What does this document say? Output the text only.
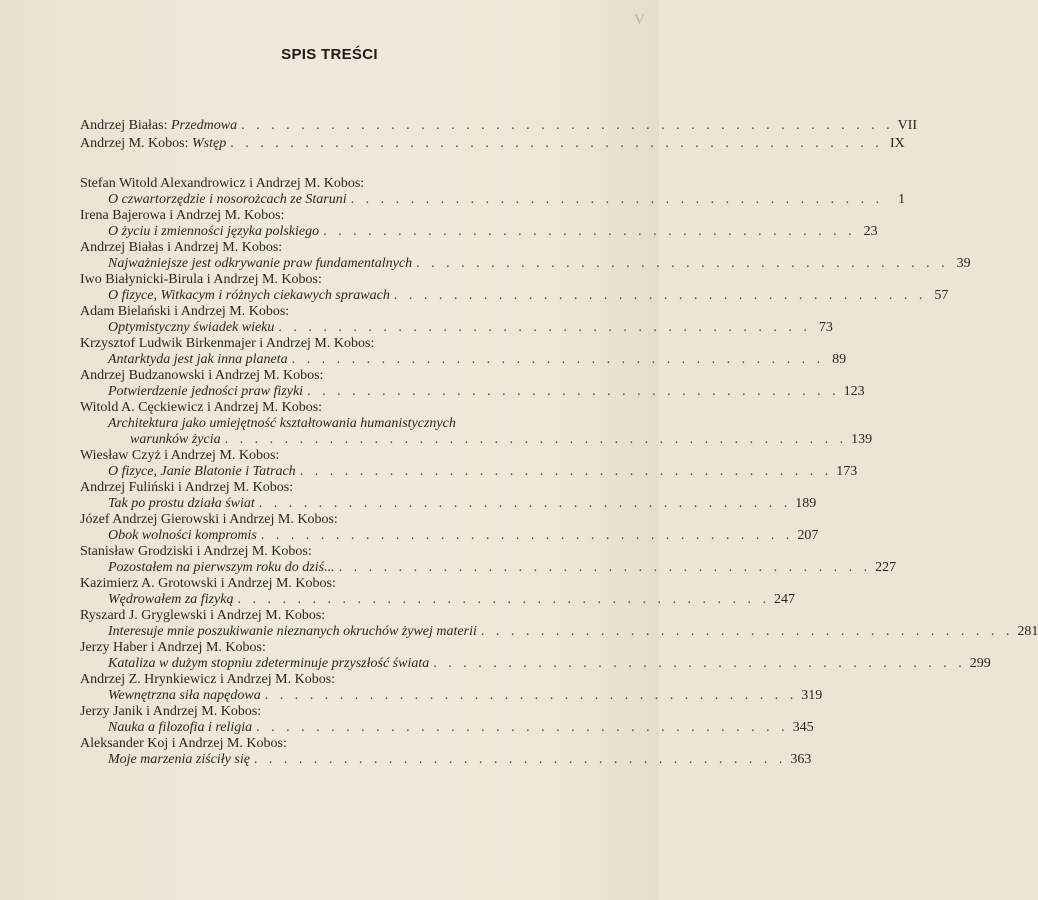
V
SPIS TREŚCI
Andrzej Białas: Przedmowa . . . . . . . . . . . . . . . . . . . . . . . . . . . . . . . . . . . . . . . . . . . . VII
Andrzej M. Kobos: Wstęp . . . . . . . . . . . . . . . . . . . . . . . . . . . . . . . . . . . . . . . . . . . . IX
Stefan Witold Alexandrowicz i Andrzej M. Kobos:
O czwartorzędzie i nosorożcach ze Staruni . . . . . . . . . . . . . . . . . . . . . . . . . . . . . . . . . . . .	1
Irena Bajerowa i Andrzej M. Kobos:
O życiu i zmienności języka polskiego . . . . . . . . . . . . . . . . . . . . . . . . . . . . . . . . . . . . 23
Andrzej Białas i Andrzej M. Kobos:
Najważniejsze jest odkrywanie praw fundamentalnych . . . . . . . . . . . . . . . . . . . . . . . . . . . . . . . . . . . . 39
Iwo Białynicki-Birula i Andrzej M. Kobos:
O fizyce, Witkacym i różnych ciekawych sprawach . . . . . . . . . . . . . . . . . . . . . . . . . . . . . . . . . . . . 57
Adam Bielański i Andrzej M. Kobos:
Optymistyczny świadek wieku . . . . . . . . . . . . . . . . . . . . . . . . . . . . . . . . . . . . 73
Krzysztof Ludwik Birkenmajer i Andrzej M. Kobos:
Antarktyda jest jak inna planeta . . . . . . . . . . . . . . . . . . . . . . . . . . . . . . . . . . . . 89
Andrzej Budzanowski i Andrzej M. Kobos:
Potwierdzenie jedności praw fizyki . . . . . . . . . . . . . . . . . . . . . . . . . . . . . . . . . . . . 123
Witold A. Cęckiewicz i Andrzej M. Kobos:
Architektura jako umiejętność kształtowania humanistycznych
warunków życia . . . . . . . . . . . . . . . . . . . . . . . . . . . . . . . . . . . . . . . . . . 139
Wiesław Czyż i Andrzej M. Kobos:
O fizyce, Janie Blatonie i Tatrach . . . . . . . . . . . . . . . . . . . . . . . . . . . . . . . . . . . . 173
Andrzej Fuliński i Andrzej M. Kobos:
Tak po prostu działa świat . . . . . . . . . . . . . . . . . . . . . . . . . . . . . . . . . . . . 189
Józef Andrzej Gierowski i Andrzej M. Kobos:
Obok wolności kompromis . . . . . . . . . . . . . . . . . . . . . . . . . . . . . . . . . . . . 207
Stanisław Grodziski i Andrzej M. Kobos:
Pozostałem na pierwszym roku do dziś... . . . . . . . . . . . . . . . . . . . . . . . . . . . . . . . . . . . . 227
Kazimierz A. Grotowski i Andrzej M. Kobos:
Wędrowałem za fizyką . . . . . . . . . . . . . . . . . . . . . . . . . . . . . . . . . . . . 247
Ryszard J. Gryglewski i Andrzej M. Kobos:
Interesuje mnie poszukiwanie nieznanych okruchów żywej materii . . . . . . . . . . . . . . . . . . . . . . . . . . . . . . . . . . . . 281
Jerzy Haber i Andrzej M. Kobos:
Kataliza w dużym stopniu zdeterminuje przyszłość świata . . . . . . . . . . . . . . . . . . . . . . . . . . . . . . . . . . . . 299
Andrzej Z. Hrynkiewicz i Andrzej M. Kobos:
Wewnętrzna siła napędowa . . . . . . . . . . . . . . . . . . . . . . . . . . . . . . . . . . . . 319
Jerzy Janik i Andrzej M. Kobos:
Nauka a filozofia i religia . . . . . . . . . . . . . . . . . . . . . . . . . . . . . . . . . . . . 345
Aleksander Koj i Andrzej M. Kobos:
Moje marzenia ziściły się . . . . . . . . . . . . . . . . . . . . . . . . . . . . . . . . . . . . 363
